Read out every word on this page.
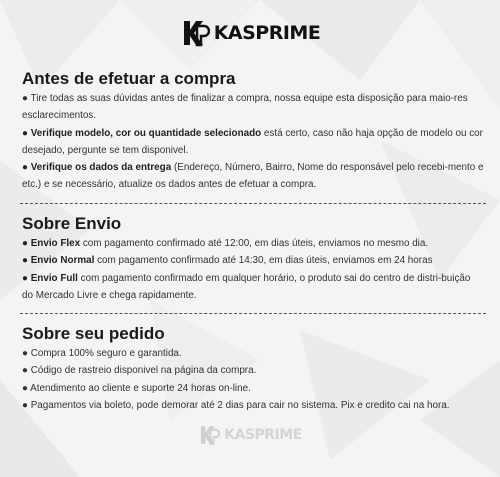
KASPRIME
Antes de efetuar a compra
● Tire todas as suas dúvidas antes de finalizar a compra, nossa equipe esta disposição para maio-res esclarecimentos.
● Verifique modelo, cor ou quantidade selecionado está certo, caso não haja opção de modelo ou cor desejado, pergunte se tem disponivel.
● Verifique os dados da entrega (Endereço, Número, Bairro, Nome do responsável pelo recebi-mento e etc.) e se necessário, atualize os dados antes de efetuar a compra.
Sobre Envio
● Envio Flex com pagamento confirmado até 12:00, em dias úteis, enviamos no mesmo dia.
● Envio Normal com pagamento confirmado até 14:30, em dias úteis, enviamos em 24 horas
● Envio Full com pagamento confirmado em qualquer horário, o produto sai do centro de distri-buição do Mercado Livre e chega rapidamente.
Sobre seu pedido
● Compra 100% seguro e garantida.
● Código de rastreio disponivel na página da compra.
● Atendimento ao cliente e suporte 24 horas on-line.
● Pagamentos via boleto, pode demorar até 2 dias para cair no sistema. Pix e credito cai na hora.
KASPRIME
